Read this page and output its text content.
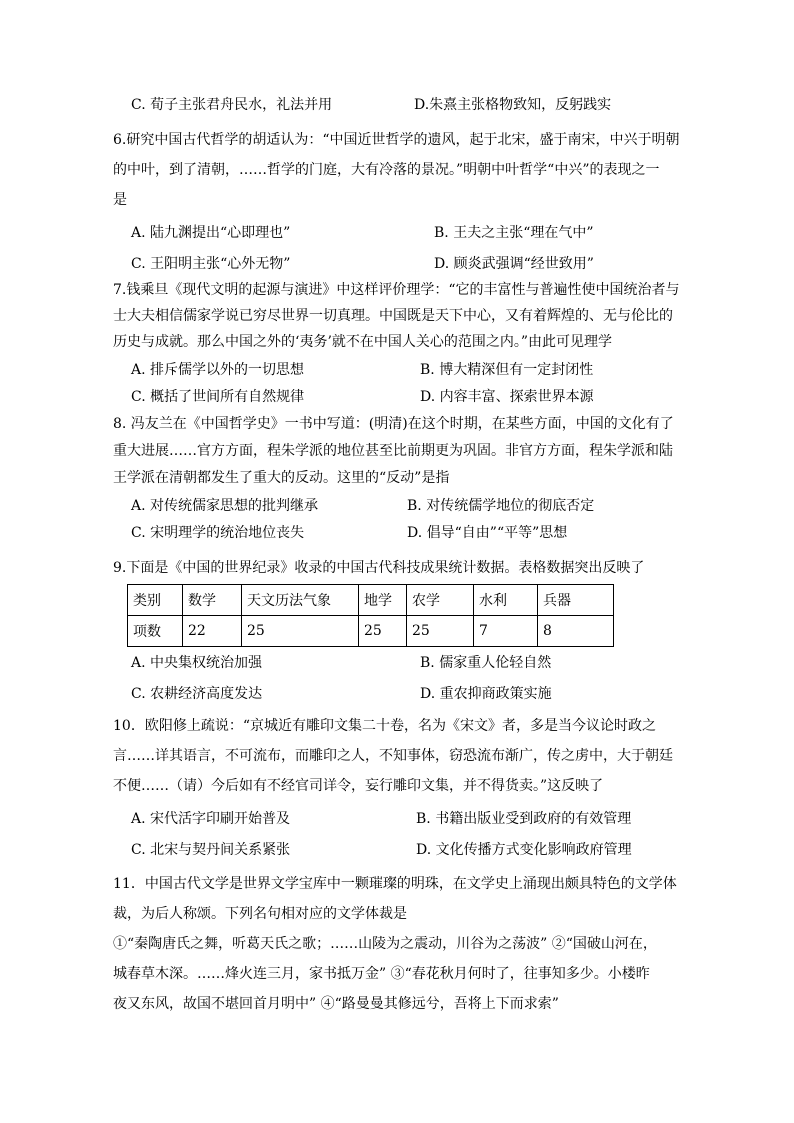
C. 荀子主张君舟民水，礼法并用	D.朱熹主张格物致知，反躬践实
6.研究中国古代哲学的胡适认为：“中国近世哲学的遗风，起于北宋，盛于南宋，中兴于明朝
的中叶，到了清朝，……哲学的门庭，大有冷落的景况。”明朝中叶哲学“中兴”的表现之一
是
A. 陆九渊提出“心即理也”	B. 王夫之主张“理在气中”
C. 王阳明主张“心外无物”	D. 顾炎武强调“经世致用”
7.钱乘旦《现代文明的起源与演进》中这样评价理学：“它的丰富性与普遍性使中国统治者与
士大夫相信儒家学说已穷尽世界一切真理。中国既是天下中心，又有着辉煌的、无与伦比的
历史与成就。那么中国之外的‘夷务’就不在中国人关心的范围之内。”由此可见理学
A. 排斥儒学以外的一切思想	B. 博大精深但有一定封闭性
C. 概括了世间所有自然规律	D. 内容丰富、探索世界本源
8. 冯友兰在《中国哲学史》一书中写道：(明清)在这个时期，在某些方面，中国的文化有了
重大进展……官方方面，程朱学派的地位甚至比前期更为巩固。非官方方面，程朱学派和陆
王学派在清朝都发生了重大的反动。这里的“反动”是指
A. 对传统儒家思想的批判继承	B. 对传统儒学地位的彻底否定
C. 宋明理学的统治地位丧失	D. 倡导“自由”“平等”思想
9.下面是《中国的世界纪录》收录的中国古代科技成果统计数据。表格数据突出反映了
类别	数学	天文历法气象	地学	农学	水利	兵器
项数	22	25	25	25	7	8
A. 中央集权统治加强	B. 儒家重人伦轻自然
C. 农耕经济高度发达	D. 重农抑商政策实施
10．欧阳修上疏说：“京城近有雕印文集二十卷，名为《宋文》者，多是当今议论时政之
言……详其语言，不可流布，而雕印之人，不知事体，窃恐流布渐广，传之虏中，大于朝廷
不便……（请）今后如有不经官司详令，妄行雕印文集，并不得货卖。”这反映了
A. 宋代活字印刷开始普及	B. 书籍出版业受到政府的有效管理
C. 北宋与契丹间关系紧张	D. 文化传播方式变化影响政府管理
11．中国古代文学是世界文学宝库中一颗璀璨的明珠，在文学史上涌现出颇具特色的文学体
裁，为后人称颂。下列名句相对应的文学体裁是
①“秦陶唐氏之舞，听葛天氏之歌；……山陵为之震动，川谷为之荡波” ②“国破山河在，
城春草木深。……烽火连三月，家书抵万金” ③“春花秋月何时了，往事知多少。小楼昨
夜又东风，故国不堪回首月明中” ④“路曼曼其修远兮，吾将上下而求索”
